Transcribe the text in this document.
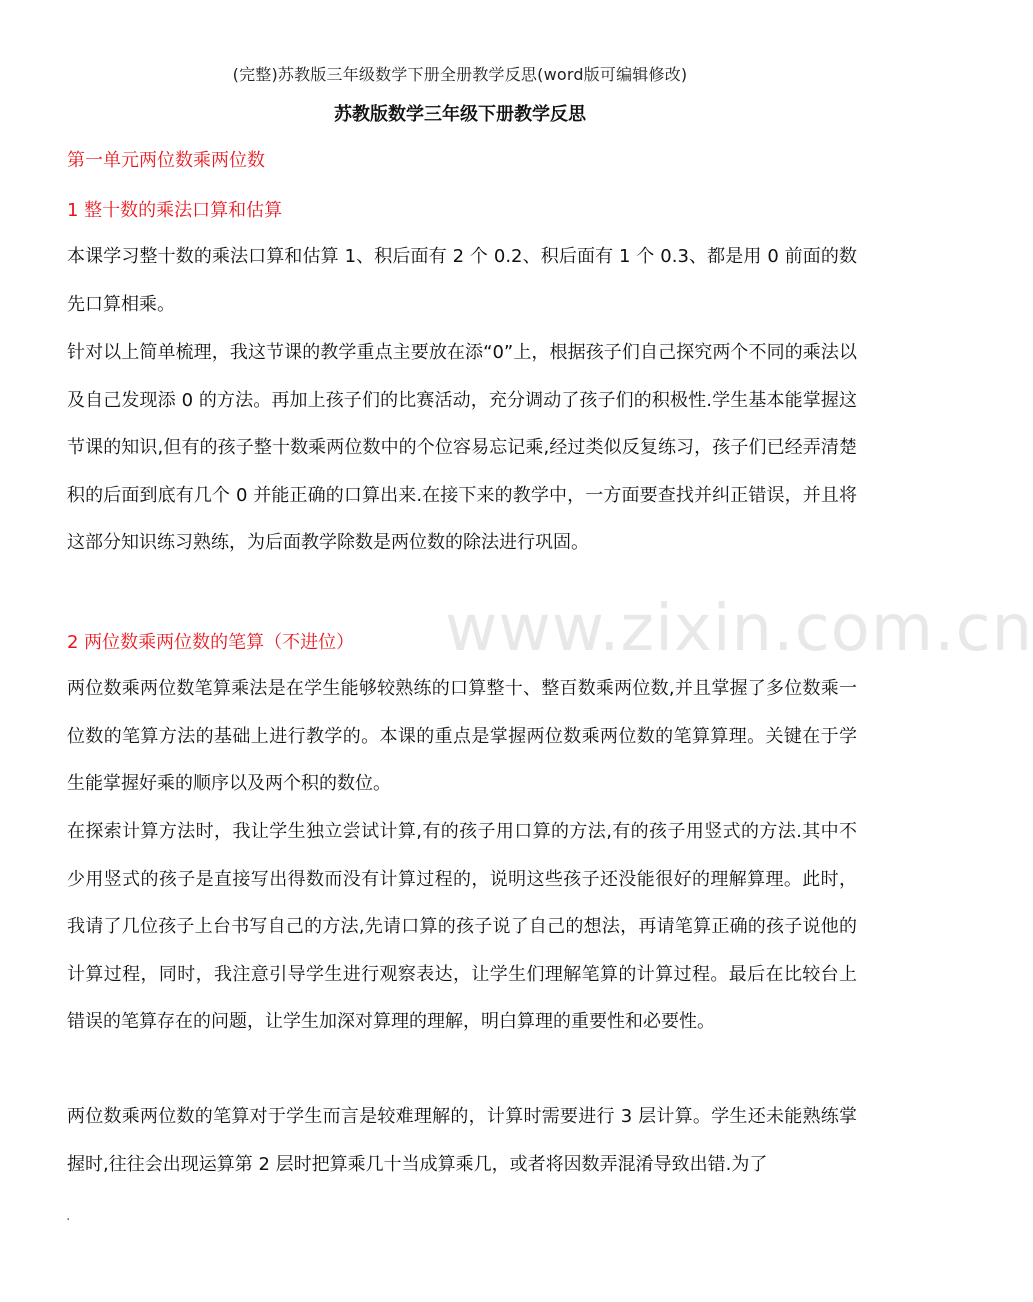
(完整)苏教版三年级数学下册全册教学反思(word版可编辑修改)
苏教版数学三年级下册教学反思
第一单元两位数乘两位数
1 整十数的乘法口算和估算

本课学习整十数的乘法口算和估算 1、积后面有 2 个 0.2、积后面有 1 个 0.3、都是用 0 前面的数先口算相乘。

针对以上简单梳理，我这节课的教学重点主要放在添“0”上，根据孩子们自己探究两个不同的乘法以及自己发现添 0 的方法。再加上孩子们的比赛活动，充分调动了孩子们的积极性.学生基本能掌握这节课的知识,但有的孩子整十数乘两位数中的个位容易忘记乘,经过类似反复练习，孩子们已经弄清楚积的后面到底有几个 0 并能正确的口算出来.在接下来的教学中，一方面要查找并纠正错误，并且将这部分知识练习熟练，为后面教学除数是两位数的除法进行巩固。

2 两位数乘两位数的笔算（不进位）

两位数乘两位数笔算乘法是在学生能够较熟练的口算整十、整百数乘两位数,并且掌握了多位数乘一位数的笔算方法的基础上进行教学的。本课的重点是掌握两位数乘两位数的笔算算理。关键在于学生能掌握好乘的顺序以及两个积的数位。

在探索计算方法时，我让学生独立尝试计算,有的孩子用口算的方法,有的孩子用竖式的方法.其中不少用竖式的孩子是直接写出得数而没有计算过程的，说明这些孩子还没能很好的理解算理。此时，我请了几位孩子上台书写自己的方法,先请口算的孩子说了自己的想法，再请笔算正确的孩子说他的计算过程，同时，我注意引导学生进行观察表达，让学生们理解笔算的计算过程。最后在比较台上错误的笔算存在的问题，让学生加深对算理的理解，明白算理的重要性和必要性。

两位数乘两位数的笔算对于学生而言是较难理解的，计算时需要进行 3 层计算。学生还未能熟练掌握时,往往会出现运算第 2 层时把算乘几十当成算乘几，或者将因数弄混淆导致出错.为了

www.zixin.com.cn
.
